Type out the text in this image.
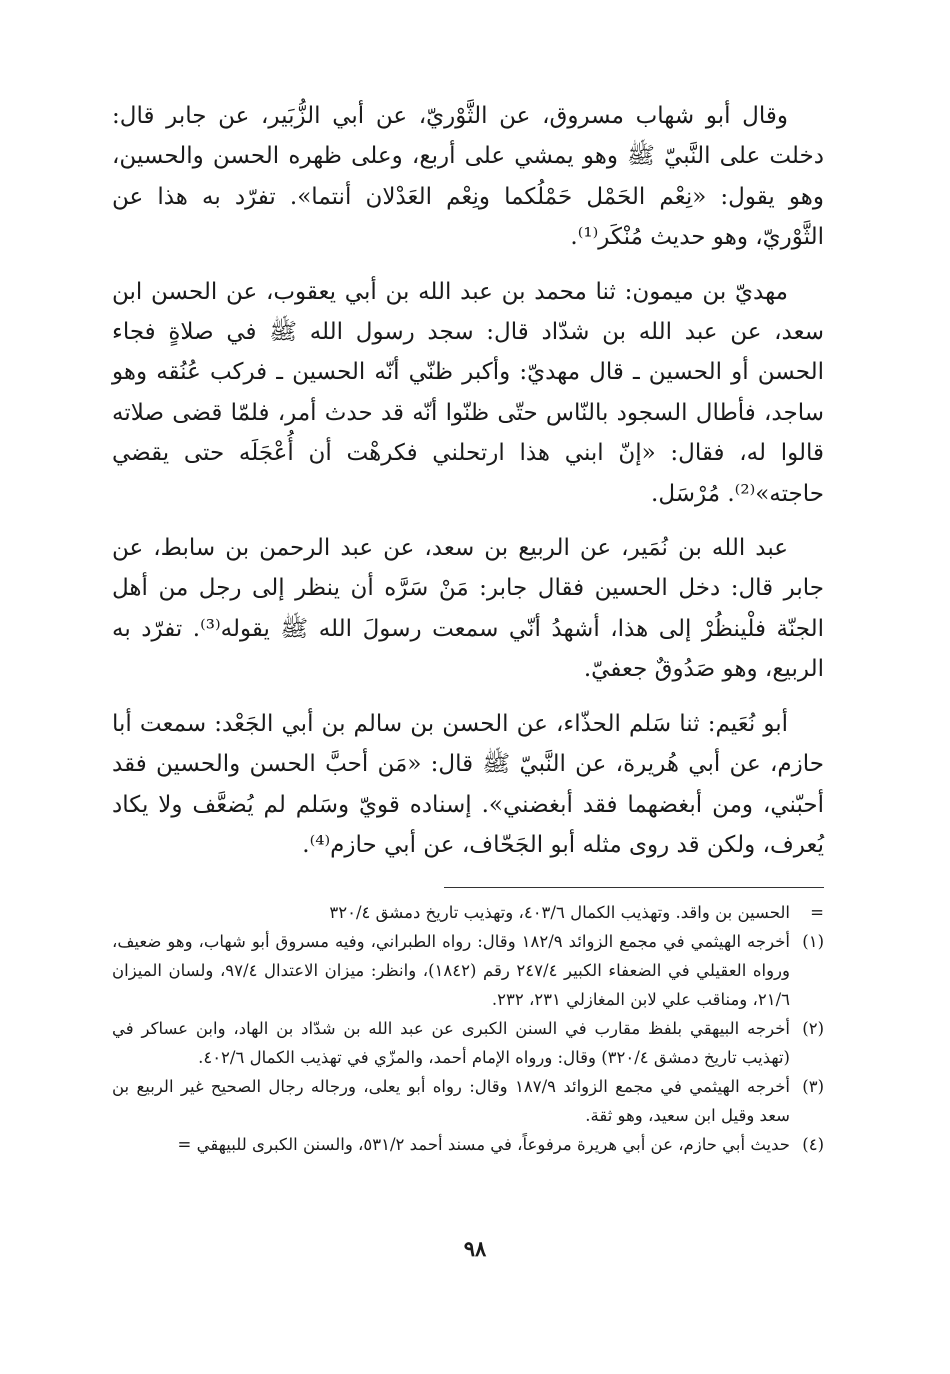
وقال أبو شهاب مسروق، عن الثَّوْريّ، عن أبي الزُّبَير، عن جابر قال: دخلت على النَّبيّ ﷺ وهو يمشي على أربع، وعلى ظهره الحسن والحسين، وهو يقول: «نِعْم الحَمْل حَمْلُكما ونِعْم العَدْلان أنتما». تفرّد به هذا عن الثَّوْريّ، وهو حديث مُنْكَر⁽¹⁾.

مهديّ بن ميمون: ثنا محمد بن عبد الله بن أبي يعقوب، عن الحسن ابن سعد، عن عبد الله بن شدّاد قال: سجد رسول الله ﷺ في صلاةٍ فجاء الحسن أو الحسين ـ قال مهديّ: وأكبر ظنّي أنّه الحسين ـ فركب عُنُقه وهو ساجد، فأطال السجود بالنّاس حتّى ظنّوا أنّه قد حدث أمر، فلمّا قضى صلاته قالوا له، فقال: «إنّ ابني هذا ارتحلني فكرهْت أن أُعْجَلَه حتى يقضي حاجته»⁽²⁾. مُرْسَل.

عبد الله بن نُمَير، عن الربيع بن سعد، عن عبد الرحمن بن سابط، عن جابر قال: دخل الحسين فقال جابر: مَنْ سَرَّه أن ينظر إلى رجل من أهل الجنّة فلْينظُرْ إلى هذا، أشهدُ أنّي سمعت رسولَ الله ﷺ يقوله⁽³⁾. تفرّد به الربيع، وهو صَدُوقٌ جعفيّ.

أبو نُعَيم: ثنا سَلم الحذّاء، عن الحسن بن سالم بن أبي الجَعْد: سمعت أبا حازم، عن أبي هُريرة، عن النَّبيّ ﷺ قال: «مَن أحبَّ الحسن والحسين فقد أحبّني، ومن أبغضهما فقد أبغضني». إسناده قويّ وسَلم لم يُضعَّف ولا يكاد يُعرف، ولكن قد روى مثله أبو الجَحّاف، عن أبي حازم⁽⁴⁾.

=
الحسين بن واقد. وتهذيب الكمال ٤٠٣/٦، وتهذيب تاريخ دمشق ٣٢٠/٤
(١)
أخرجه الهيثمي في مجمع الزوائد ١٨٢/٩ وقال: رواه الطبراني، وفيه مسروق أبو شهاب، وهو ضعيف، ورواه العقيلي في الضعفاء الكبير ٢٤٧/٤ رقم (١٨٤٢)، وانظر: ميزان الاعتدال ٩٧/٤، ولسان الميزان ٢١/٦، ومناقب علي لابن المغازلي ٢٣١، ٢٣٢.
(٢)
أخرجه البيهقي بلفظ مقارب في السنن الكبرى عن عبد الله بن شدّاد بن الهاد، وابن عساكر في (تهذيب تاريخ دمشق ٣٢٠/٤) وقال: ورواه الإمام أحمد، والمزّي في تهذيب الكمال ٤٠٢/٦.
(٣)
أخرجه الهيثمي في مجمع الزوائد ١٨٧/٩ وقال: رواه أبو يعلى، ورجاله رجال الصحيح غير الربيع بن سعد وقيل ابن سعيد، وهو ثقة.
(٤)
حديث أبي حازم، عن أبي هريرة مرفوعاً، في مسند أحمد ٥٣١/٢، والسنن الكبرى للبيهقي =
٩٨
